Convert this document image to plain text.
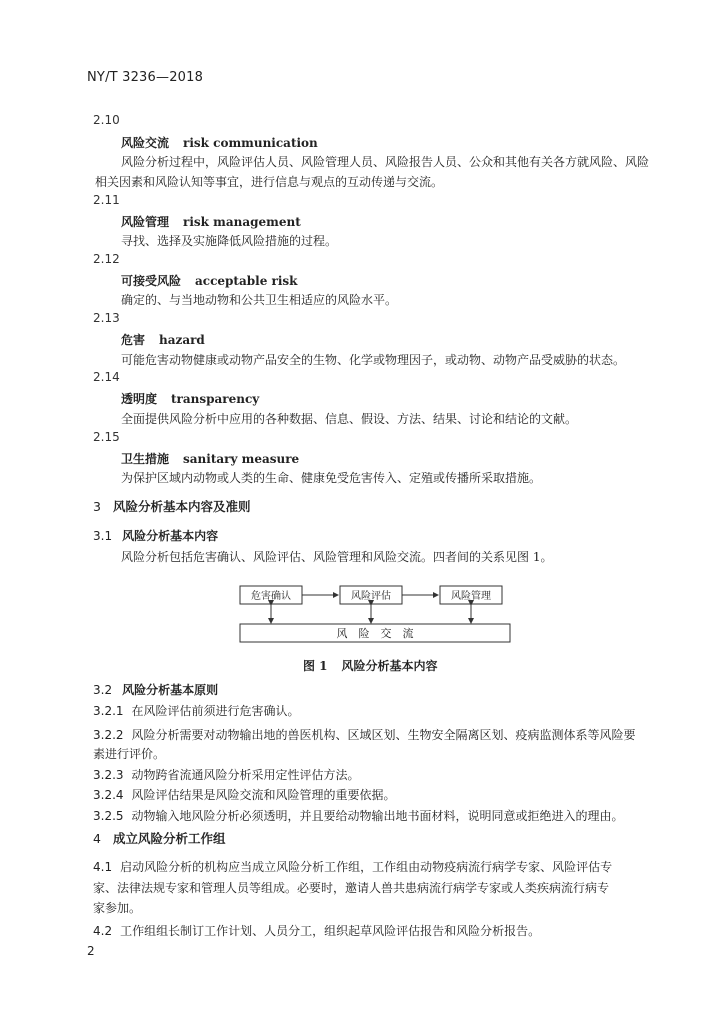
NY/T 3236—2018
2.10
风险交流 risk communication
风险分析过程中，风险评估人员、风险管理人员、风险报告人员、公众和其他有关各方就风险、风险
相关因素和风险认知等事宜，进行信息与观点的互动传递与交流。
2.11
风险管理 risk management
寻找、选择及实施降低风险措施的过程。
2.12
可接受风险 acceptable risk
确定的、与当地动物和公共卫生相适应的风险水平。
2.13
危害 hazard
可能危害动物健康或动物产品安全的生物、化学或物理因子，或动物、动物产品受威胁的状态。
2.14
透明度 transparency
全面提供风险分析中应用的各种数据、信息、假设、方法、结果、讨论和结论的文献。
2.15
卫生措施 sanitary measure
为保护区域内动物或人类的生命、健康免受危害传入、定殖或传播所采取措施。
3 风险分析基本内容及准则
3.1 风险分析基本内容
风险分析包括危害确认、风险评估、风险管理和风险交流。四者间的关系见图 1。
危害确认	风险评估	风险管理
风　险　交　流
图 1 风险分析基本内容
3.2 风险分析基本原则
3.2.1 在风险评估前须进行危害确认。
3.2.2 风险分析需要对动物输出地的兽医机构、区域区划、生物安全隔离区划、疫病监测体系等风险要
素进行评价。
3.2.3 动物跨省流通风险分析采用定性评估方法。
3.2.4 风险评估结果是风险交流和风险管理的重要依据。
3.2.5 动物输入地风险分析必须透明，并且要给动物输出地书面材料，说明同意或拒绝进入的理由。
4 成立风险分析工作组
4.1 启动风险分析的机构应当成立风险分析工作组，工作组由动物疫病流行病学专家、风险评估专
家、法律法规专家和管理人员等组成。必要时，邀请人兽共患病流行病学专家或人类疾病流行病专
家参加。
4.2 工作组组长制订工作计划、人员分工，组织起草风险评估报告和风险分析报告。
2
